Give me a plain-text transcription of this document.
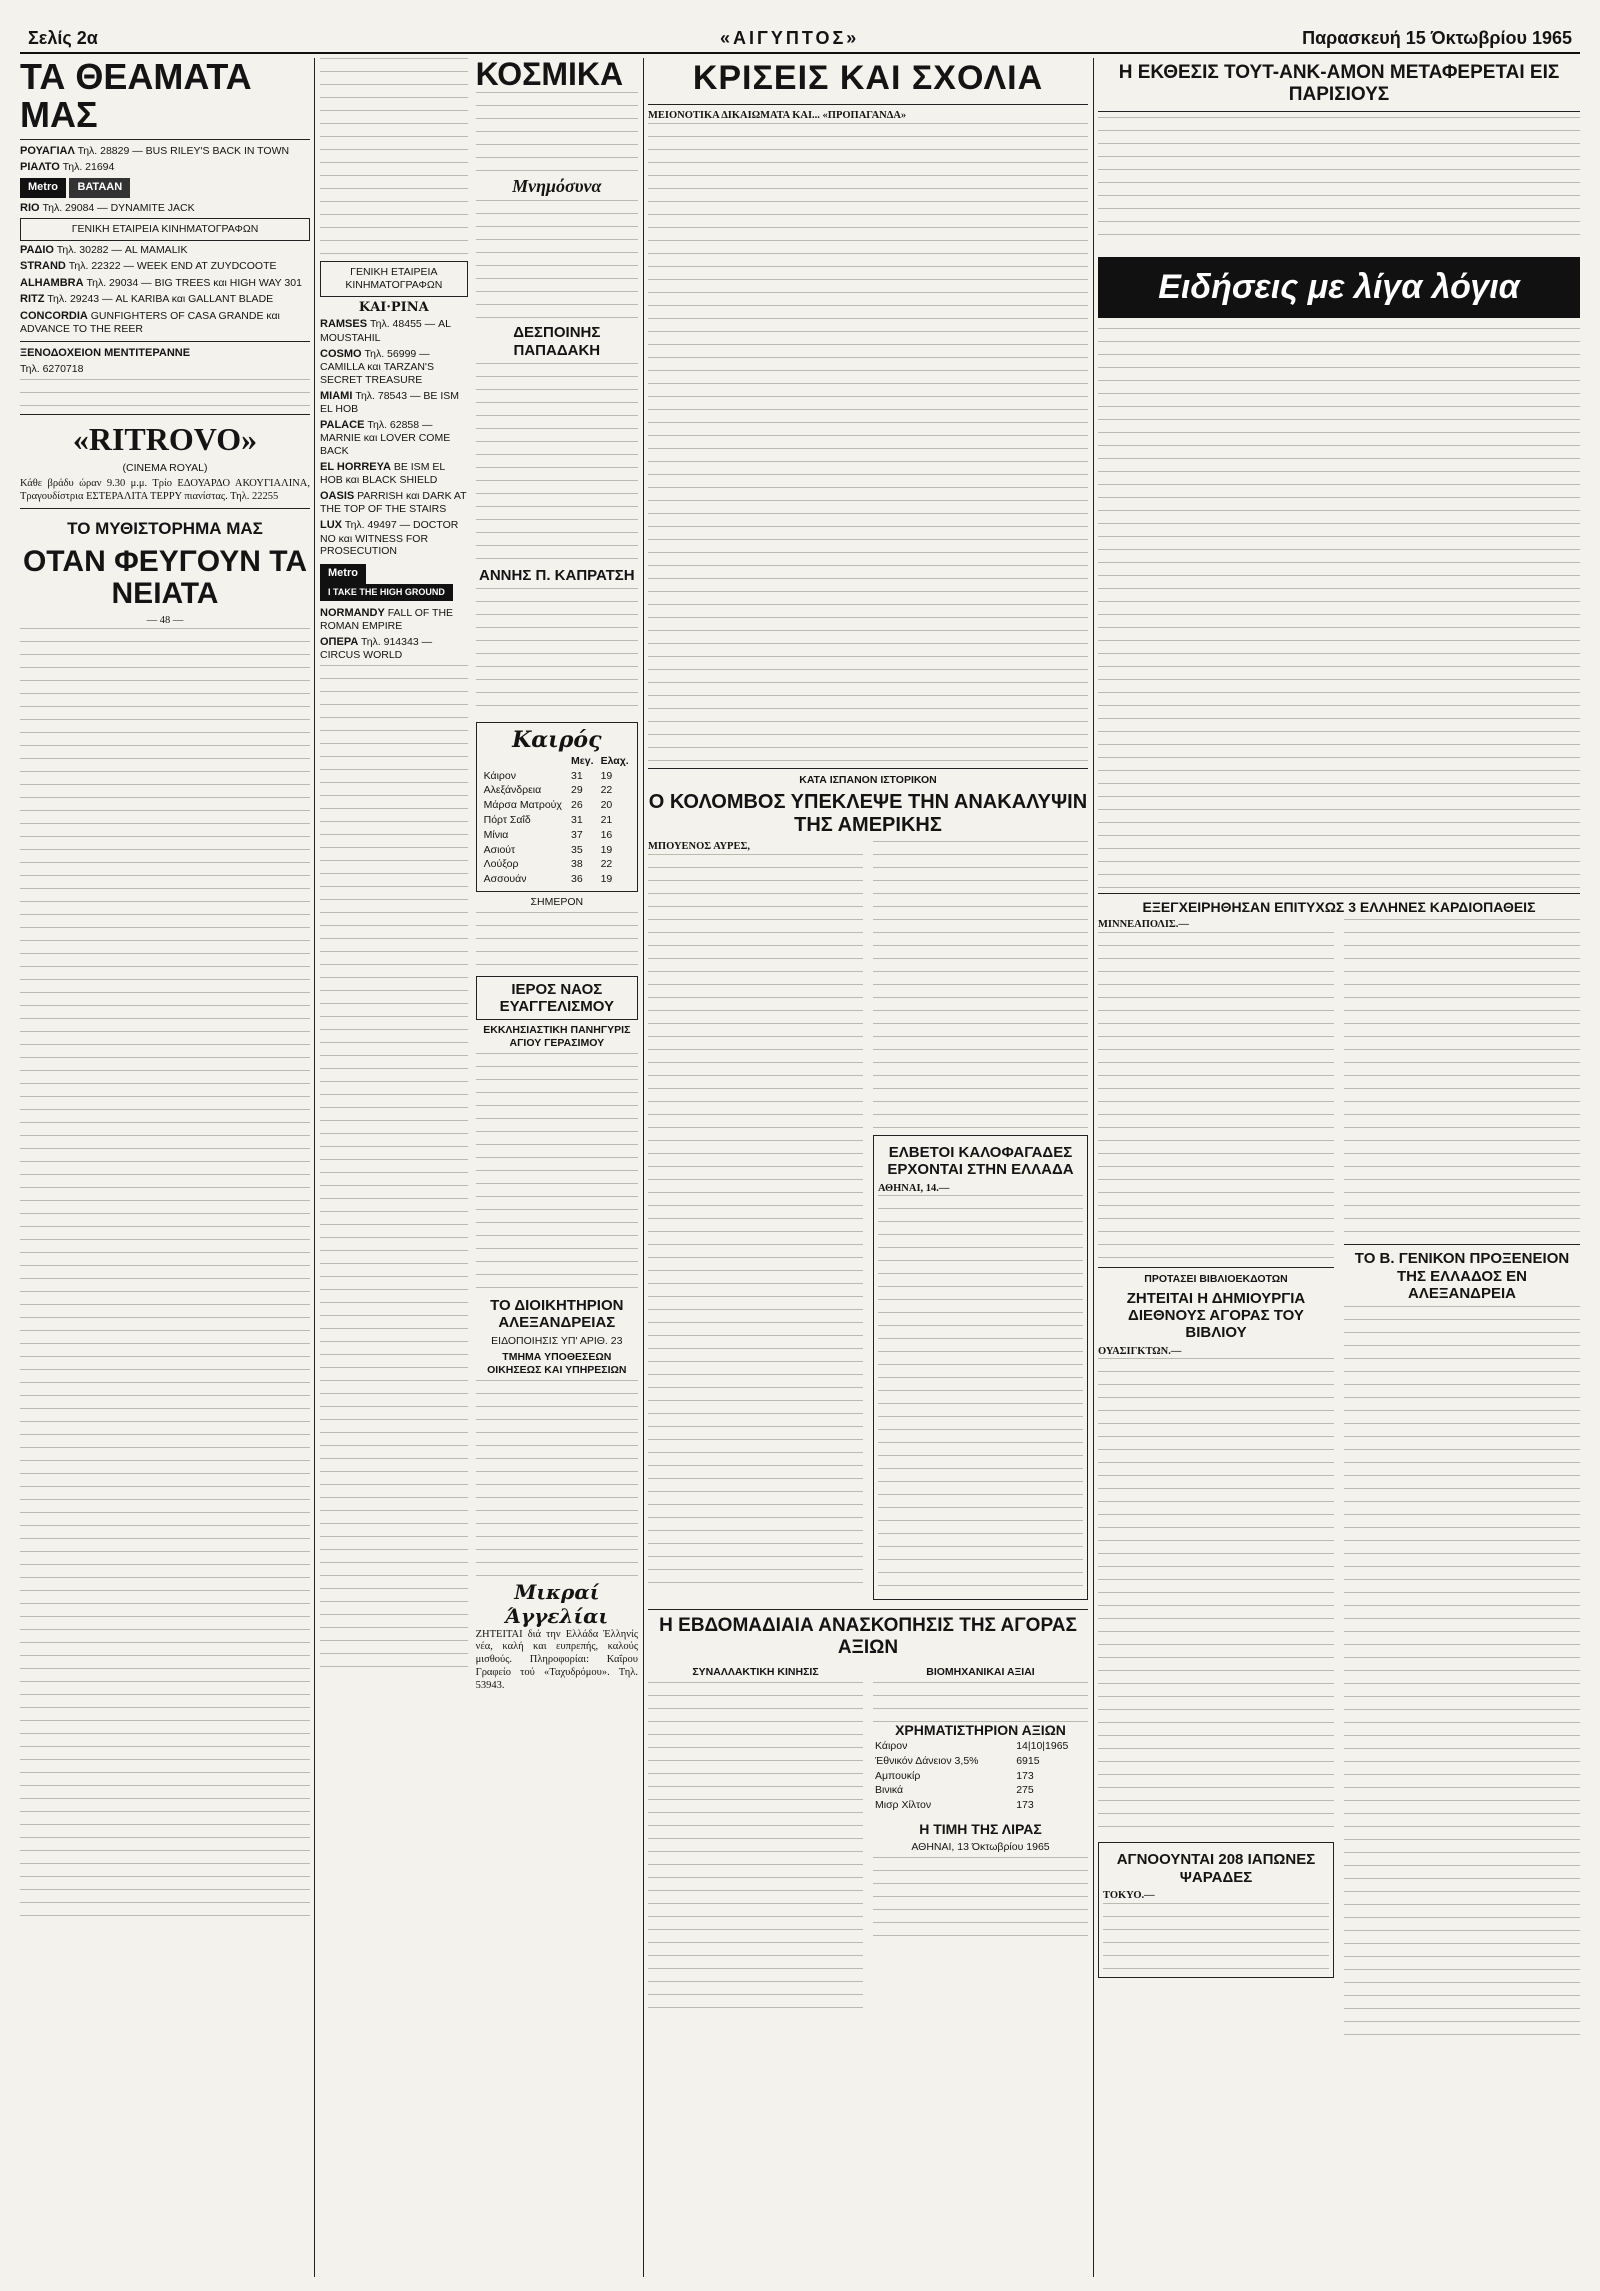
Σελίς 2α	«ΑΙΓΥΠΤΟΣ»	Παρασκευή 15 Όκτωβρίου 1965
ΤΑ ΘΕΑΜΑΤΑ ΜΑΣ
ΡΟΥΑΓΙΑΛ Τηλ. 28829 — BUS RILEY'S BACK IN TOWN
ΡΙΑΛΤΟ Τηλ. 21694
Metro ΒΑΤΑΑΝ
RIO Τηλ. 29084 — DYNAMITE JACK
ΓΕΝΙΚΗ ΕΤΑΙΡΕΙΑ ΚΙΝΗΜΑΤΟΓΡΑΦΩΝ
ΡΑΔΙΟ Τηλ. 30282 — AL MAMALIK
STRAND Τηλ. 22322 — WEEK END AT ZUYDCOOTE
ALHAMBRA Τηλ. 29034 — BIG TREES και HIGH WAY 301
RITZ Τηλ. 29243 — AL KARIBA και GALLANT BLADE
CONCORDIA GUNFIGHTERS OF CASA GRANDE και ADVANCE TO THE REER
ΞΕΝΟΔΟΧΕΙΟΝ ΜΕΝΤΙΤΕΡΑΝΝΕ
Τηλ. 6270718
«RITROVO»
(CINEMA ROYAL)
Κάθε βράδυ ώραν 9.30 μ.μ. Τρίο ΕΔΟΥΑΡΔΟ ΑΚΟΥΓΙΑΛΙΝΑ, Τραγουδίστρια ΕΣΤΕΡΑΛΙΤΑ ΤΕΡΡΥ πιανίστας. Τηλ. 22255
ΤΟ ΜΥΘΙΣΤΟΡΗΜΑ ΜΑΣ
ΟΤΑΝ ΦΕΥΓΟΥΝ ΤΑ ΝΕΙΑΤΑ
— 48 —
ΓΕΝΙΚΗ ΕΤΑΙΡΕΙΑ ΚΙΝΗΜΑΤΟΓΡΑΦΩΝ
ΚΑΙ·ΡΙΝΑ
RAMSES Τηλ. 48455 — AL MOUSTAHIL
COSMO Τηλ. 56999 — CAMILLA και TARZAN'S SECRET TREASURE
MIAMI Τηλ. 78543 — BE ISM EL HOB
PALACE Τηλ. 62858 — MARNIE και LOVER COME BACK
EL HORREYA BE ISM EL HOB και BLACK SHIELD
OASIS PARRISH και DARK AT THE TOP OF THE STAIRS
LUX Τηλ. 49497 — DOCTOR NO και WITNESS FOR PROSECUTION
Metro I TAKE THE HIGH GROUND
NORMANDY FALL OF THE ROMAN EMPIRE
ΟΠΕΡΑ Τηλ. 914343 — CIRCUS WORLD
ΚΟΣΜΙΚΑ
Μνημόσυνα
ΔΕΣΠΟΙΝΗΣ ΠΑΠΑΔΑΚΗ
ΑΝΝΗΣ Π. ΚΑΠΡΑΤΣΗ
Καιρός
	Μεγ.	Ελαχ.
Κάιρον	31	19
Αλεξάνδρεια	29	22
Μάρσα Ματρούχ	26	20
Πόρτ Σαΐδ	31	21
Μίνια	37	16
Ασιούτ	35	19
Λούξορ	38	22
Ασσουάν	36	19
ΣΗΜΕΡΟΝ
ΙΕΡΟΣ ΝΑΟΣ ΕΥΑΓΓΕΛΙΣΜΟΥ
ΕΚΚΛΗΣΙΑΣΤΙΚΗ ΠΑΝΗΓΥΡΙΣ ΑΓΙΟΥ ΓΕΡΑΣΙΜΟΥ
ΤΟ ΔΙΟΙΚΗΤΗΡΙΟΝ ΑΛΕΞΑΝΔΡΕΙΑΣ
ΕΙΔΟΠΟΙΗΣΙΣ ΥΠ' ΑΡΙΘ. 23
ΤΜΗΜΑ ΥΠΟΘΕΣΕΩΝ ΟΙΚΗΣΕΩΣ ΚΑΙ ΥΠΗΡΕΣΙΩΝ
Μικραί Άγγελίαι
ΖΗΤΕΙΤΑΙ διά την Ελλάδα Έλληνίς νέα, καλή και ευπρεπής, καλούς μισθούς. Πληροφορίαι: Καΐρου Γραφείο τού «Ταχυδρόμου». Τηλ. 53943.
ΚΡΙΣΕΙΣ ΚΑΙ ΣΧΟΛΙΑ
ΜΕΙΟΝΟΤΙΚΑ ΔΙΚΑΙΩΜΑΤΑ ΚΑΙ... «ΠΡΟΠΑΓΑΝΔΑ»
ΚΑΤΑ ΙΣΠΑΝΟΝ ΙΣΤΟΡΙΚΟΝ
Ο ΚΟΛΟΜΒΟΣ ΥΠΕΚΛΕΨΕ ΤΗΝ ΑΝΑΚΑΛΥΨΙΝ ΤΗΣ ΑΜΕΡΙΚΗΣ
ΜΠΟΥΕΝΟΣ ΑΥΡΕΣ,
ΕΛΒΕΤΟΙ ΚΑΛΟΦΑΓΑΔΕΣ ΕΡΧΟΝΤΑΙ ΣΤΗΝ ΕΛΛΑΔΑ
ΑΘΗΝΑΙ, 14.—
Η ΕΒΔΟΜΑΔΙΑΙΑ ΑΝΑΣΚΟΠΗΣΙΣ ΤΗΣ ΑΓΟΡΑΣ ΑΞΙΩΝ
ΣΥΝΑΛΛΑΚΤΙΚΗ ΚΙΝΗΣΙΣ	ΒΙΟΜΗΧΑΝΙΚΑΙ ΑΞΙΑΙ
ΧΡΗΜΑΤΙΣΤΗΡΙΟΝ ΑΞΙΩΝ
Κάιρον	14|10|1965
Έθνικόν Δάνειον 3,5%	6915
Αμπουκίρ	173
Βινικά	275
Μισρ Χίλτον	173
Η ΤΙΜΗ ΤΗΣ ΛΙΡΑΣ
ΑΘΗΝΑΙ, 13 Όκτωβρίου 1965
Η ΕΚΘΕΣΙΣ ΤΟΥΤ-ΑΝΚ-ΑΜΟΝ ΜΕΤΑΦΕΡΕΤΑΙ ΕΙΣ ΠΑΡΙΣΙΟΥΣ
Ειδήσεις με λίγα λόγια
ΕΞΕΓΧΕΙΡΗΘΗΣΑΝ ΕΠΙΤΥΧΩΣ 3 ΕΛΛΗΝΕΣ ΚΑΡΔΙΟΠΑΘΕΙΣ
ΜΙΝΝΕΑΠΟΛΙΣ.—
ΠΡΟΤΑΣΕΙ ΒΙΒΛΙΟΕΚΔΟΤΩΝ
ΖΗΤΕΙΤΑΙ Η ΔΗΜΙΟΥΡΓΙΑ ΔΙΕΘΝΟΥΣ ΑΓΟΡΑΣ ΤΟΥ ΒΙΒΛΙΟΥ
ΟΥΑΣΙΓΚΤΩΝ.—
ΑΓΝΟΟΥΝΤΑΙ 208 ΙΑΠΩΝΕΣ ΨΑΡΑΔΕΣ
ΤΟΚΥΟ.—
ΤΟ Β. ΓΕΝΙΚΟΝ ΠΡΟΞΕΝΕΙΟΝ ΤΗΣ ΕΛΛΑΔΟΣ ΕΝ ΑΛΕΞΑΝΔΡΕΙΑ
